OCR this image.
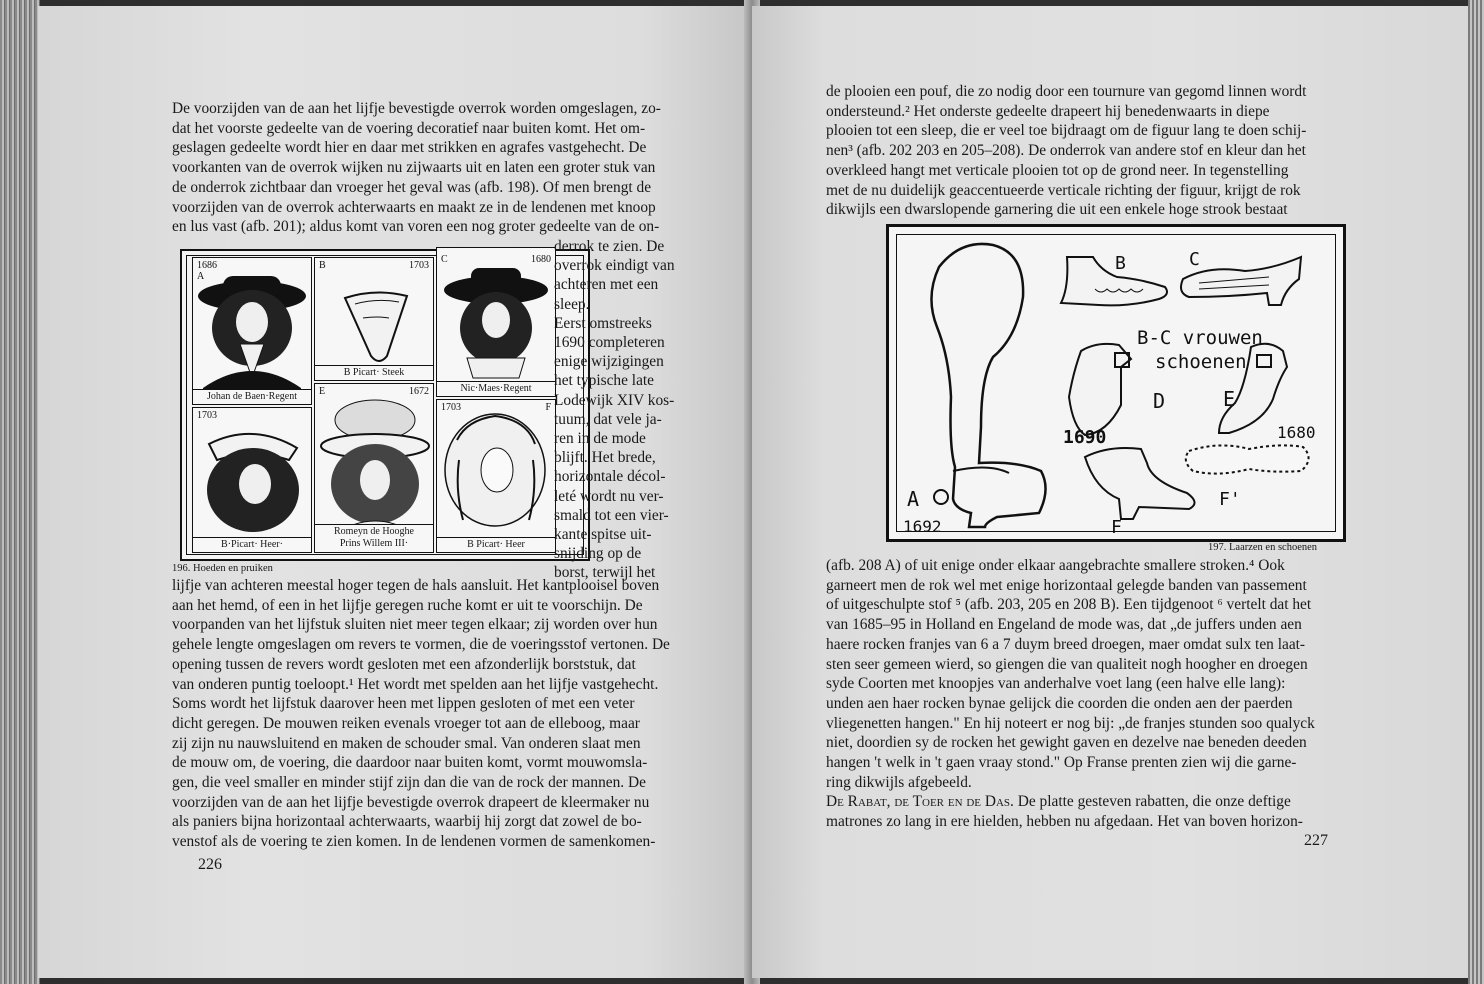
De voorzijden van de aan het lijfje bevestigde overrok worden omgeslagen, zo-

dat het voorste gedeelte van de voering decoratief naar buiten komt. Het om-

geslagen gedeelte wordt hier en daar met strikken en agrafes vastgehecht. De

voorkanten van de overrok wijken nu zijwaarts uit en laten een groter stuk van

de onderrok zichtbaar dan vroeger het geval was (afb. 198). Of men brengt de

voorzijden van de overrok achterwaarts en maakt ze in de lendenen met knoop

en lus vast (afb. 201); aldus komt van voren een nog groter gedeelte van de on-

1686
A
Johan de Baen·Regent
B	1703
B Picart· Steek
C	1680
Nic·Maes·Regent
1703
B·Picart· Heer·
E	1672
Romeyn de Hooghe
Prins Willem III·
1703	F
B Picart· Heer

derrok te zien. De

overrok eindigt van

achteren met een

sleep.

Eerst omstreeks

1690 completeren

enige wijzigingen

het typische late

Lodewijk XIV kos-

tuum, dat vele ja-

ren in de mode

blijft. Het brede,

horizontale décol-

leté wordt nu ver-

smald tot een vier-

kante spitse uit-

snijding op de

borst, terwijl het

196. Hoeden en pruiken

lijfje van achteren meestal hoger tegen de hals aansluit. Het kantplooisel boven

aan het hemd, of een in het lijfje geregen ruche komt er uit te voorschijn. De

voorpanden van het lijfstuk sluiten niet meer tegen elkaar; zij worden over hun

gehele lengte omgeslagen om revers te vormen, die de voeringsstof vertonen. De

opening tussen de revers wordt gesloten met een afzonderlijk borststuk, dat

van onderen puntig toeloopt.¹ Het wordt met spelden aan het lijfje vastgehecht.

Soms wordt het lijfstuk daarover heen met lippen gesloten of met een veter

dicht geregen. De mouwen reiken evenals vroeger tot aan de elleboog, maar

zij zijn nu nauwsluitend en maken de schouder smal. Van onderen slaat men

de mouw om, de voering, die daardoor naar buiten komt, vormt mouwomsla-

gen, die veel smaller en minder stijf zijn dan die van de rock der mannen. De

voorzijden van de aan het lijfje bevestigde overrok drapeert de kleermaker nu

als paniers bijna horizontaal achterwaarts, waarbij hij zorgt dat zowel de bo-

venstof als de voering te zien komen. In de lendenen vormen de samenkomen-

226

de plooien een pouf, die zo nodig door een tournure van gegomd linnen wordt

ondersteund.² Het onderste gedeelte drapeert hij benedenwaarts in diepe

plooien tot een sleep, die er veel toe bijdraagt om de figuur lang te doen schij-

nen³ (afb. 202 203 en 205–208). De onderrok van andere stof en kleur dan het

overkleed hangt met verticale plooien tot op de grond neer. In tegenstelling

met de nu duidelijk geaccentueerde verticale richting der figuur, krijgt de rok

dikwijls een dwarslopende garnering die uit een enkele hoge strook bestaat

B	C
B-C vrouwen
schoenen
D	E
1690	1680
A
1692	F
F'
197. Laarzen en schoenen

(afb. 208 A) of uit enige onder elkaar aangebrachte smallere stroken.⁴ Ook

garneert men de rok wel met enige horizontaal gelegde banden van passement

of uitgeschulpte stof ⁵ (afb. 203, 205 en 208 B). Een tijdgenoot ⁶ vertelt dat het

van 1685–95 in Holland en Engeland de mode was, dat „de juffers unden aen

haere rocken franjes van 6 a 7 duym breed droegen, maer omdat sulx ten laat-

sten seer gemeen wierd, so giengen die van qualiteit nogh hoogher en droegen

syde Coorten met knoopjes van anderhalve voet lang (een halve elle lang):

unden aen haer rocken bynae gelijck die coorden die onden aen der paerden

vliegenetten hangen." En hij noteert er nog bij: „de franjes stunden soo qualyck

niet, doordien sy de rocken het gewight gaven en dezelve nae beneden deeden

hangen 't welk in 't gaen vraay stond." Op Franse prenten zien wij die garne-

ring dikwijls afgebeeld.

De Rabat, de Toer en de Das. De platte gesteven rabatten, die onze deftige

matrones zo lang in ere hielden, hebben nu afgedaan. Het van boven horizon-

227
